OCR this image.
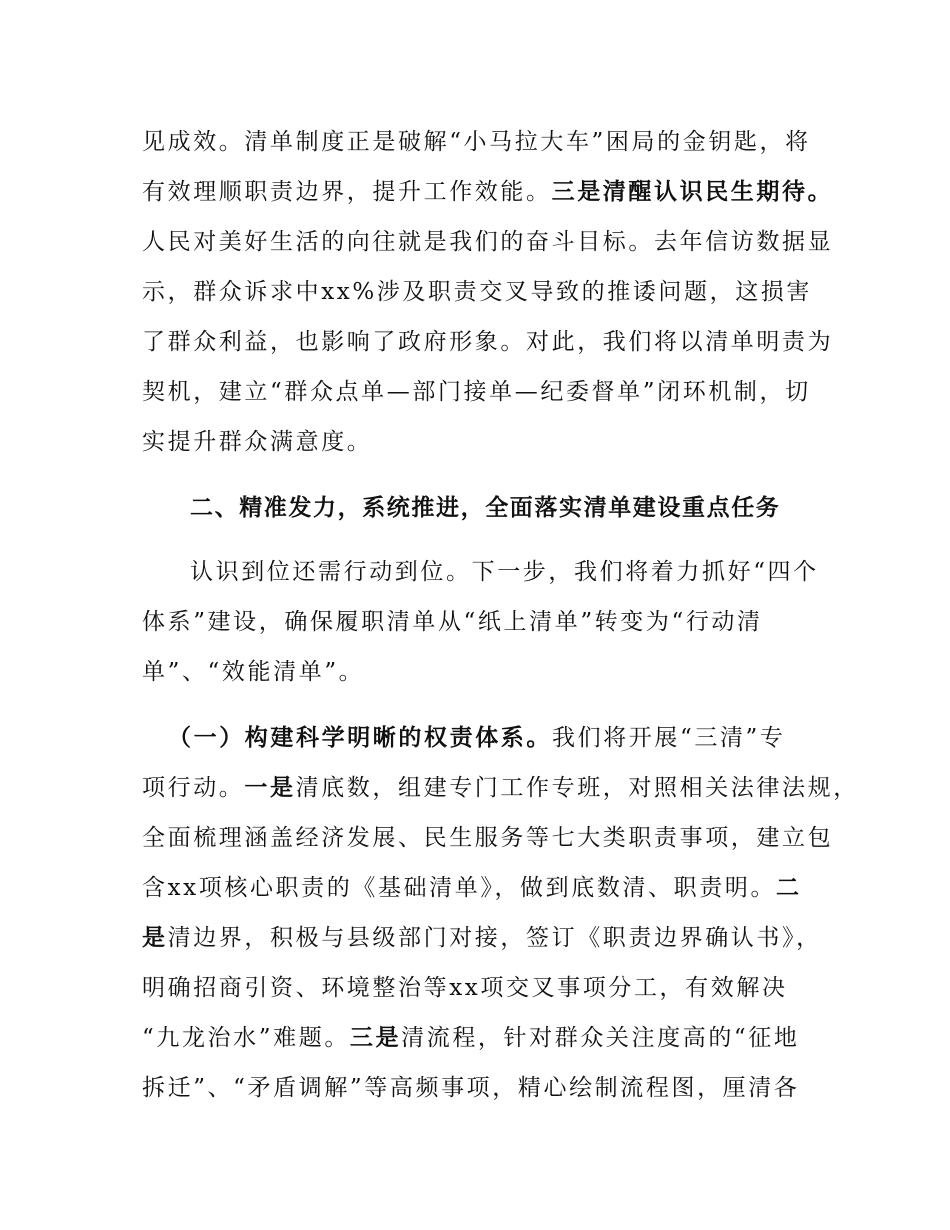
见成效。清单制度正是破解“小马拉大车”困局的金钥匙，将
有效理顺职责边界，提升工作效能。三是清醒认识民生期待。
人民对美好生活的向往就是我们的奋斗目标。去年信访数据显
示，群众诉求中xx%涉及职责交叉导致的推诿问题，这损害
了群众利益，也影响了政府形象。对此，我们将以清单明责为
契机，建立“群众点单—部门接单—纪委督单”闭环机制，切
实提升群众满意度。
二、精准发力，系统推进，全面落实清单建设重点任务
认识到位还需行动到位。下一步，我们将着力抓好“四个
体系”建设，确保履职清单从“纸上清单”转变为“行动清
单”、“效能清单”。
（一）构建科学明晰的权责体系。我们将开展“三清”专
项行动。一是清底数，组建专门工作专班，对照相关法律法规，
全面梳理涵盖经济发展、民生服务等七大类职责事项，建立包
含xx项核心职责的《基础清单》，做到底数清、职责明。二
是清边界，积极与县级部门对接，签订《职责边界确认书》，
明确招商引资、环境整治等xx项交叉事项分工，有效解决
“九龙治水”难题。三是清流程，针对群众关注度高的“征地
拆迁”、“矛盾调解”等高频事项，精心绘制流程图，厘清各
